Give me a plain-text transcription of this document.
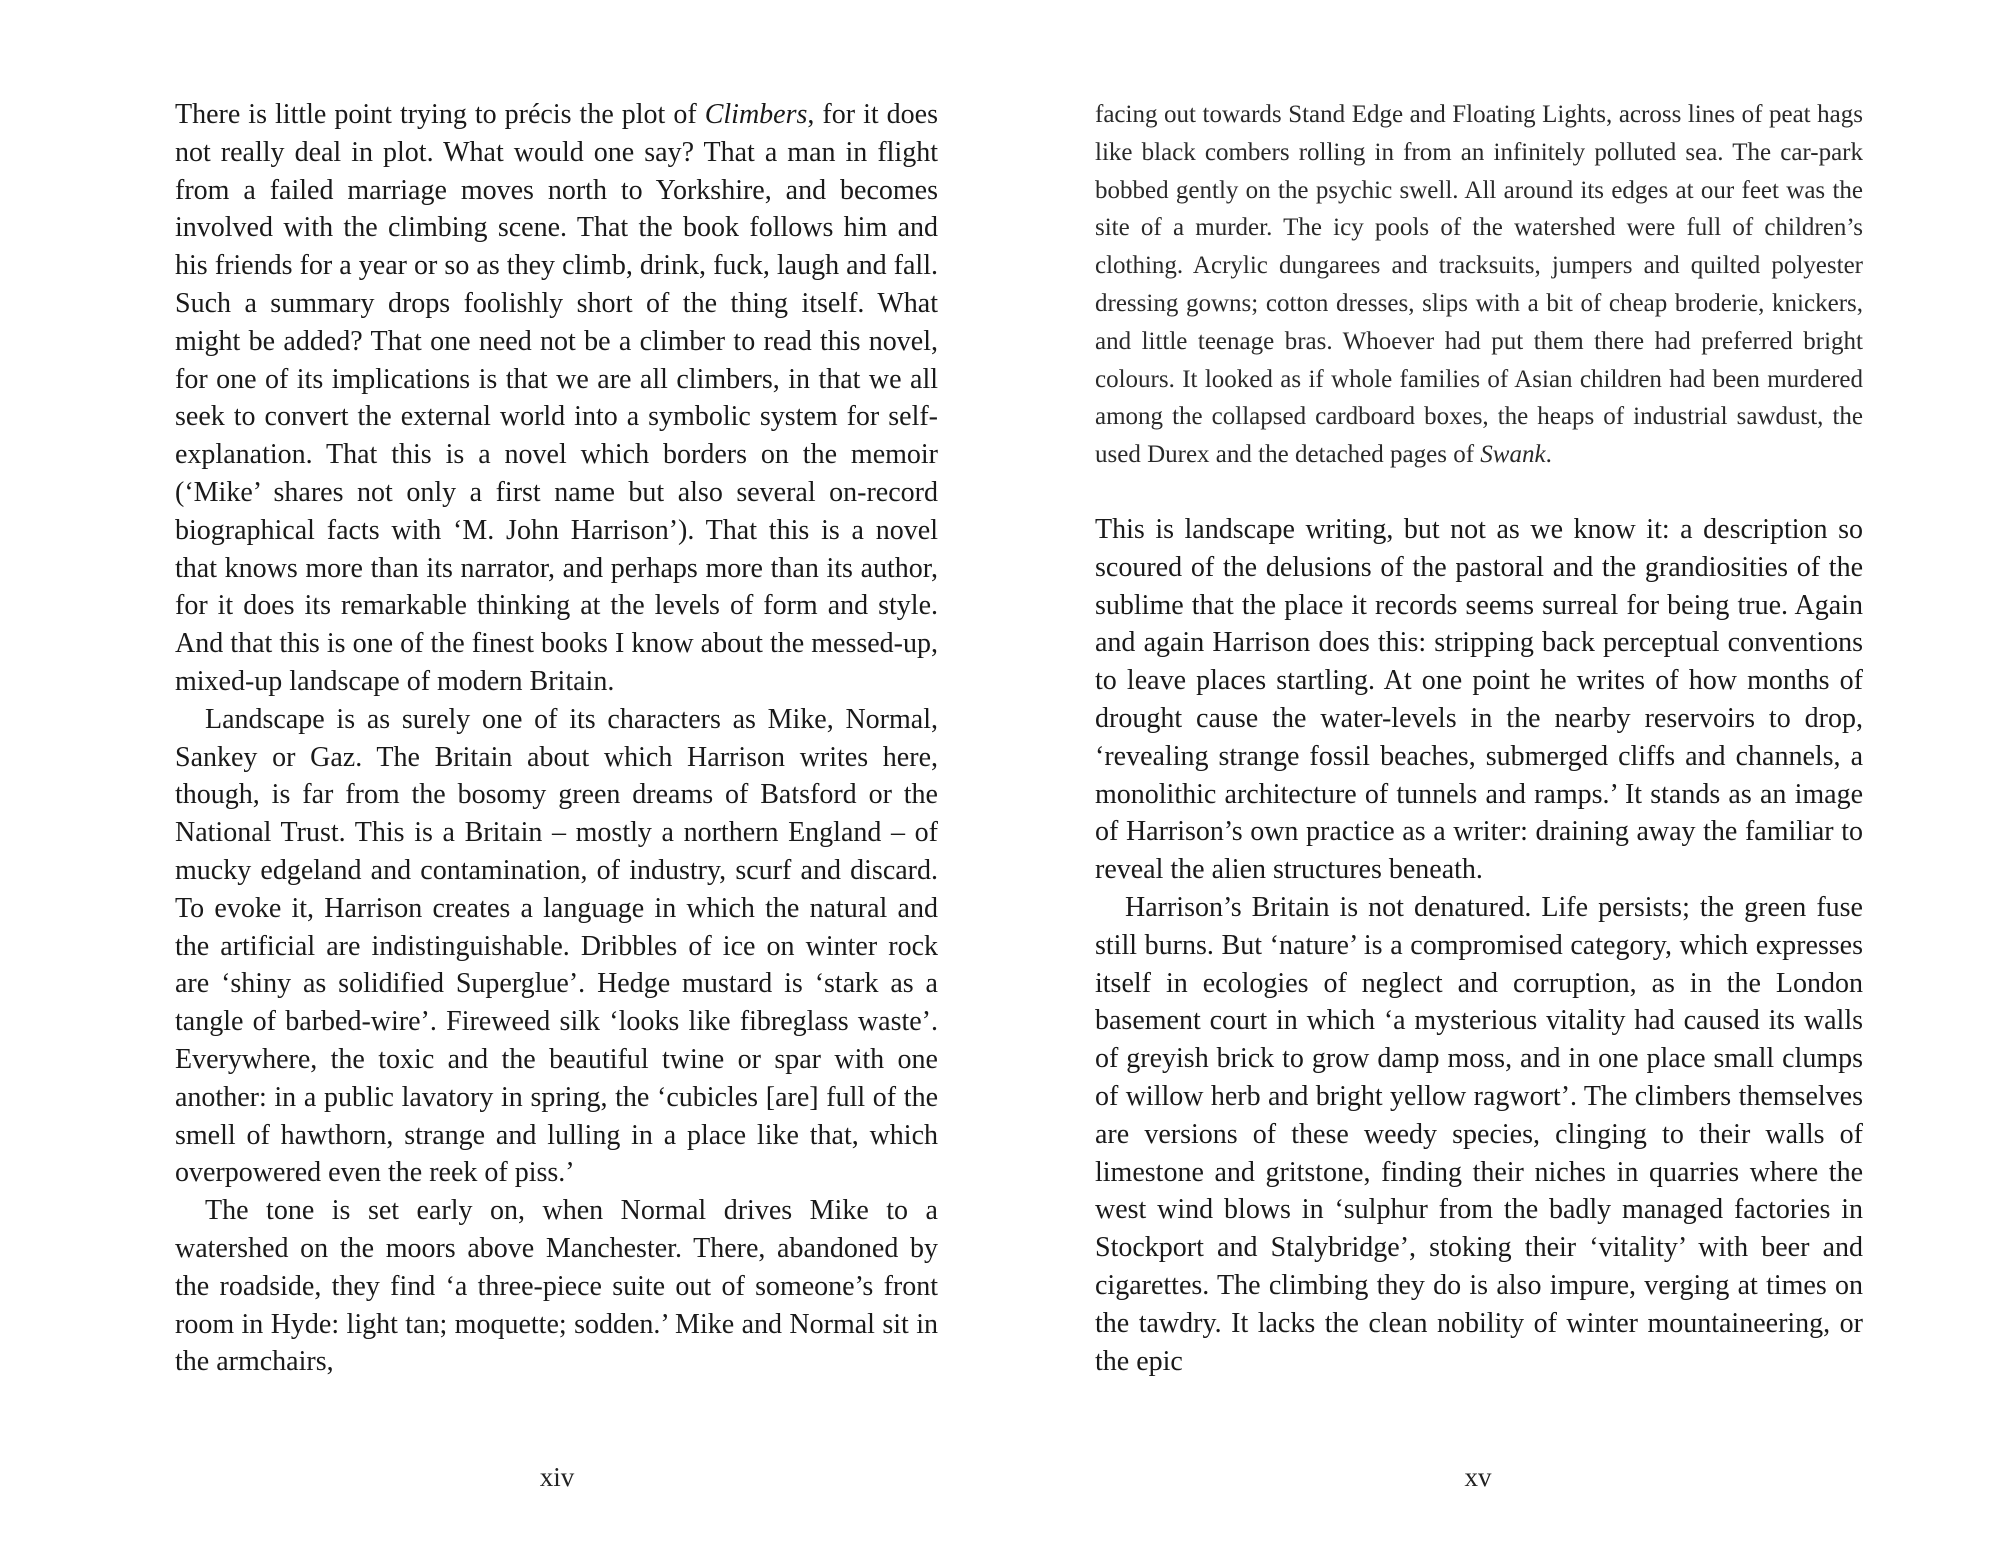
There is little point trying to précis the plot of Climbers, for it does not really deal in plot. What would one say? That a man in flight from a failed marriage moves north to Yorkshire, and becomes involved with the climbing scene. That the book follows him and his friends for a year or so as they climb, drink, fuck, laugh and fall. Such a summary drops foolishly short of the thing itself. What might be added? That one need not be a climber to read this novel, for one of its implications is that we are all climbers, in that we all seek to convert the external world into a symbolic system for self-explanation. That this is a novel which borders on the memoir (‘Mike’ shares not only a first name but also several on-record biographical facts with ‘M. John Harrison’). That this is a novel that knows more than its narrator, and perhaps more than its author, for it does its remarkable thinking at the levels of form and style. And that this is one of the finest books I know about the messed-up, mixed-up landscape of modern Britain.

Landscape is as surely one of its characters as Mike, Normal, Sankey or Gaz. The Britain about which Harrison writes here, though, is far from the bosomy green dreams of Batsford or the National Trust. This is a Britain – mostly a northern England – of mucky edgeland and contamination, of industry, scurf and discard. To evoke it, Harrison creates a language in which the natural and the artificial are indistinguishable. Dribbles of ice on winter rock are ‘shiny as solidified Superglue’. Hedge mustard is ‘stark as a tangle of barbed-wire’. Fireweed silk ‘looks like fibreglass waste’. Everywhere, the toxic and the beautiful twine or spar with one another: in a public lavatory in spring, the ‘cubicles [are] full of the smell of hawthorn, strange and lulling in a place like that, which overpowered even the reek of piss.’

The tone is set early on, when Normal drives Mike to a watershed on the moors above Manchester. There, abandoned by the roadside, they find ‘a three-piece suite out of someone’s front room in Hyde: light tan; moquette; sodden.’ Mike and Normal sit in the armchairs,

facing out towards Stand Edge and Floating Lights, across lines of peat hags like black combers rolling in from an infinitely polluted sea. The car-park bobbed gently on the psychic swell. All around its edges at our feet was the site of a murder. The icy pools of the watershed were full of children’s clothing. Acrylic dungarees and tracksuits, jumpers and quilted polyester dressing gowns; cotton dresses, slips with a bit of cheap broderie, knickers, and little teenage bras. Whoever had put them there had preferred bright colours. It looked as if whole families of Asian children had been murdered among the collapsed cardboard boxes, the heaps of industrial sawdust, the used Durex and the detached pages of Swank.

This is landscape writing, but not as we know it: a description so scoured of the delusions of the pastoral and the grandiosities of the sublime that the place it records seems surreal for being true. Again and again Harrison does this: stripping back perceptual conventions to leave places startling. At one point he writes of how months of drought cause the water-levels in the nearby reservoirs to drop, ‘revealing strange fossil beaches, submerged cliffs and channels, a monolithic architecture of tunnels and ramps.’ It stands as an image of Harrison’s own practice as a writer: draining away the familiar to reveal the alien structures beneath.

Harrison’s Britain is not denatured. Life persists; the green fuse still burns. But ‘nature’ is a compromised category, which expresses itself in ecologies of neglect and corruption, as in the London basement court in which ‘a mysterious vitality had caused its walls of greyish brick to grow damp moss, and in one place small clumps of willow herb and bright yellow ragwort’. The climbers themselves are versions of these weedy species, clinging to their walls of limestone and gritstone, finding their niches in quarries where the west wind blows in ‘sulphur from the badly managed factories in Stockport and Stalybridge’, stoking their ‘vitality’ with beer and cigarettes. The climbing they do is also impure, verging at times on the tawdry. It lacks the clean nobility of winter mountaineering, or the epic

xiv	xv
